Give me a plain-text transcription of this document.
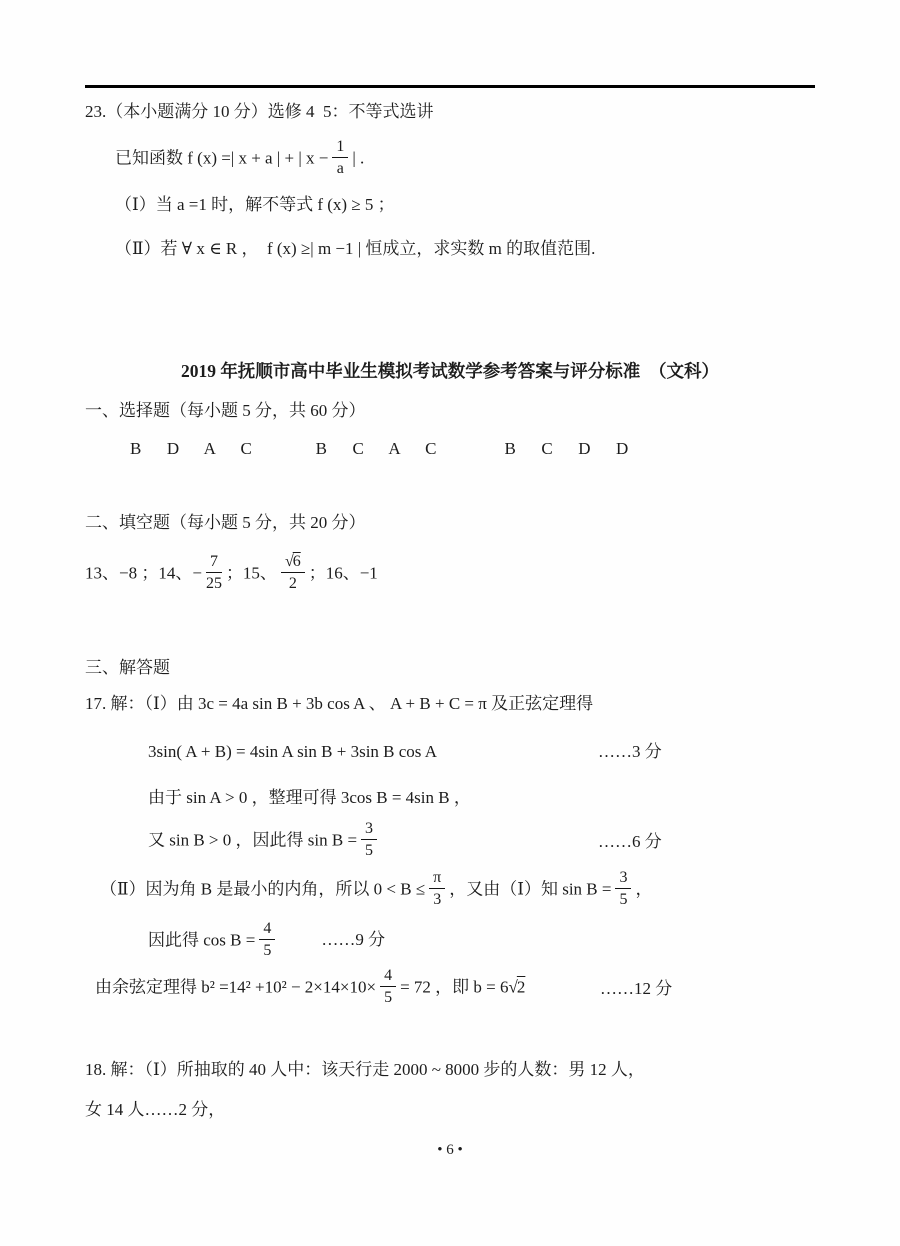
23.（本小题满分 10 分）选修 4  5：不等式选讲

已知函数 f (x) =| x + a | + | $x - \frac{1}{a}$ | .

（Ⅰ）当 a =1 时，解不等式 f (x) ≥ 5 ；

（Ⅱ）若 ∀ x ∈ R ，  f (x) ≥| m −1 | 恒成立，求实数 m 的取值范围.

2019 年抚顺市高中毕业生模拟考试数学参考答案与评分标准  （文科）

一、选择题（每小题 5 分，共 60 分）

B      D      A      C               B      C      A      C                B      C      D      D

二、填空题（每小题 5 分，共 20 分）

13、−8 ；14、− $\frac{7}{25}$ ；15、 $\frac{√6}{2}$ ；16、−1

三、解答题

17. 解：（Ⅰ）由 3c = 4a sin B + 3b cos A 、 A + B + C = π 及正弦定理得

3sin( A + B) = 4sin A sin B + 3sin B cos A	……3 分

由于 sin A > 0 ，整理可得 3cos B = 4sin B ，

又 sin B > 0 ，因此得 $\sin B = \frac{3}{5}$	……6 分

（Ⅱ）因为角 B 是最小的内角，所以 $0 < B \le \frac{\pi}{3}$ ，又由（Ⅰ）知 $\sin B = \frac{3}{5}$ ，

因此得 $\cos B = \frac{4}{5}$	……9 分

由余弦定理得 $b^2 =14^2 +10^2 - 2\times 14\times 10\times \frac{4}{5} = 72$ ，即 b = 6√2	……12 分

18. 解：（Ⅰ）所抽取的 40 人中：该天行走 2000 ~ 8000 步的人数：男 12 人，

女 14 人……2 分，

• 6 •
